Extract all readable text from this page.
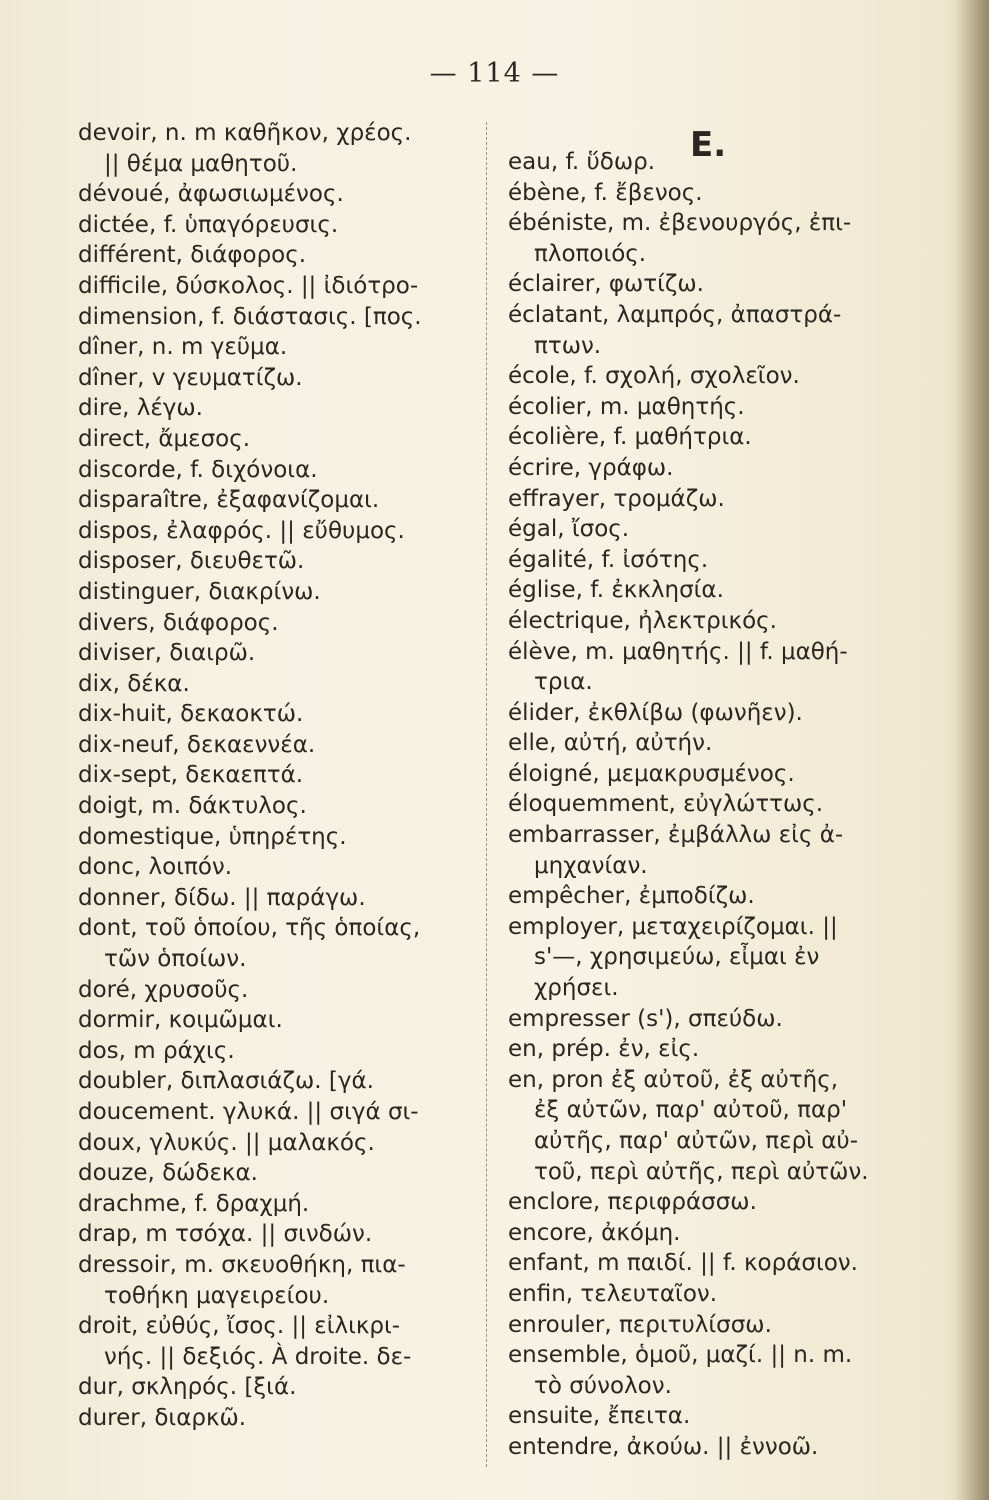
— 114 —
devoir, n. m καθῆκον, χρέος.
|| θέμα μαθητοῦ.
dévoué, ἀφωσιωμένος.
dictée, f. ὑπαγόρευσις.
différent, διάφορος.
difficile, δύσκολος. || ἰδιότρο-
dimension, f. διάστασις. [πος.
dîner, n. m γεῦμα.
dîner, v γευματίζω.
dire, λέγω.
direct, ἄμεσος.
discorde, f. διχόνοια.
disparaître, ἐξαφανίζομαι.
dispos, ἐλαφρός. || εὔθυμος.
disposer, διευθετῶ.
distinguer, διακρίνω.
divers, διάφορος.
diviser, διαιρῶ.
dix, δέκα.
dix-huit, δεκαοκτώ.
dix-neuf, δεκαεννέα.
dix-sept, δεκαεπτά.
doigt, m. δάκτυλος.
domestique, ὑπηρέτης.
donc, λοιπόν.
donner, δίδω. || παράγω.
dont, τοῦ ὁποίου, τῆς ὁποίας,
τῶν ὁποίων.
doré, χρυσοῦς.
dormir, κοιμῶμαι.
dos, m ράχις.
doubler, διπλασιάζω. [γά.
doucement. γλυκά. || σιγά σι-
doux, γλυκύς. || μαλακός.
douze, δώδεκα.
drachme, f. δραχμή.
drap, m τσόχα. || σινδών.
dressoir, m. σκευοθήκη, πια-
τοθήκη μαγειρείου.
droit, εὐθύς, ἴσος. || εἰλικρι-
νής. || δεξιός. À droite. δε-
dur, σκληρός. [ξιά.
durer, διαρκῶ.
E.
eau, f. ὕδωρ.
ébène, f. ἔβενος.
ébéniste, m. ἐβενουργός, ἐπι-
πλοποιός.
éclairer, φωτίζω.
éclatant, λαμπρός, ἀπαστρά-
πτων.
école, f. σχολή, σχολεῖον.
écolier, m. μαθητής.
écolière, f. μαθήτρια.
écrire, γράφω.
effrayer, τρομάζω.
égal, ἴσος.
égalité, f. ἰσότης.
église, f. ἐκκλησία.
électrique, ἠλεκτρικός.
élève, m. μαθητής. || f. μαθή-
τρια.
élider, ἐκθλίβω (φωνῆεν).
elle, αὐτή, αὐτήν.
éloigné, μεμακρυσμένος.
éloquemment, εὐγλώττως.
embarrasser, ἐμβάλλω εἰς ἀ-
μηχανίαν.
empêcher, ἐμποδίζω.
employer, μεταχειρίζομαι. ||
s'—, χρησιμεύω, εἶμαι ἐν
χρήσει.
empresser (s'), σπεύδω.
en, prép. ἐν, εἰς.
en, pron ἐξ αὐτοῦ, ἐξ αὐτῆς,
ἐξ αὐτῶν, παρ' αὐτοῦ, παρ'
αὐτῆς, παρ' αὐτῶν, περὶ αὐ-
τοῦ, περὶ αὐτῆς, περὶ αὐτῶν.
enclore, περιφράσσω.
encore, ἀκόμη.
enfant, m παιδί. || f. κοράσιον.
enfin, τελευταῖον.
enrouler, περιτυλίσσω.
ensemble, ὁμοῦ, μαζί. || n. m.
τὸ σύνολον.
ensuite, ἔπειτα.
entendre, ἀκούω. || ἐννοῶ.
